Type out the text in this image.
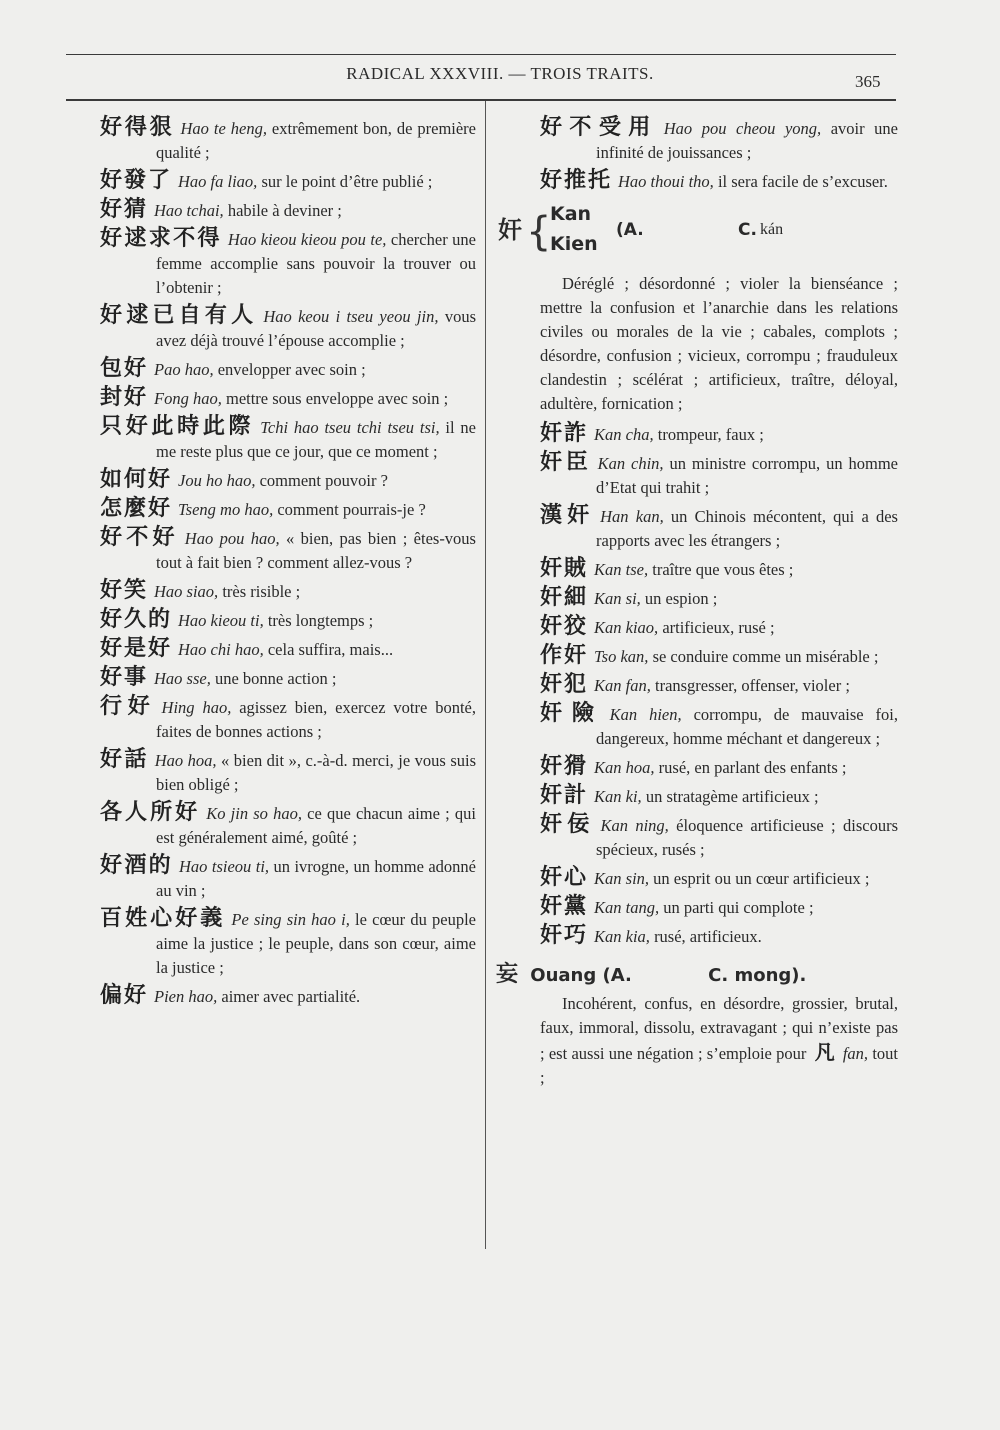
RADICAL XXXVIII. — TROIS TRAITS.	365
好得狠 Hao te heng, extrêmement bon, de première qualité ;
好發了 Hao fa liao, sur le point d’être publié ;
好猜 Hao tchai, habile à deviner ;
好逑求不得 Hao kieou kieou pou te, chercher une femme accomplie sans pouvoir la trouver ou l’obtenir ;
好逑已自有人 Hao keou i tseu yeou jin, vous avez déjà trouvé l’épouse accomplie ;
包好 Pao hao, envelopper avec soin ;
封好 Fong hao, mettre sous enveloppe avec soin ;
只好此時此際 Tchi hao tseu tchi tseu tsi, il ne me reste plus que ce jour, que ce moment ;
如何好 Jou ho hao, comment pouvoir ?
怎麼好 Tseng mo hao, comment pourrais-je ?
好不好 Hao pou hao, « bien, pas bien ; êtes-vous tout à fait bien ? comment allez-vous ?
好笑 Hao siao, très risible ;
好久的 Hao kieou ti, très longtemps ;
好是好 Hao chi hao, cela suffira, mais...
好事 Hao sse, une bonne action ;
行好 Hing hao, agissez bien, exercez votre bonté, faites de bonnes actions ;
好話 Hao hoa, « bien dit », c.-à-d. merci, je vous suis bien obligé ;
各人所好 Ko jin so hao, ce que chacun aime ; qui est généralement aimé, goûté ;
好酒的 Hao tsieou ti, un ivrogne, un homme adonné au vin ;
百姓心好義 Pe sing sin hao i, le cœur du peuple aime la justice ; le peuple, dans son cœur, aime la justice ;
偏好 Pien hao, aimer avec partialité.
好不受用 Hao pou cheou yong, avoir une infinité de jouissances ;
好推托 Hao thoui tho, il sera facile de s’excuser.
奸 {
Kan
Kien
(A.	C. kán

Déréglé ; désordonné ; violer la bienséance ; mettre la confusion et l’anarchie dans les relations civiles ou morales de la vie ; cabales, complots ; désordre, confusion ; vicieux, corrompu ; frauduleux clandestin ; scélérat ; artificieux, traître, déloyal, adultère, fornication ;

奸詐 Kan cha, trompeur, faux ;
奸臣 Kan chin, un ministre corrompu, un homme d’Etat qui trahit ;
漢奸 Han kan, un Chinois mécontent, qui a des rapports avec les étrangers ;
奸賊 Kan tse, traître que vous êtes ;
奸細 Kan si, un espion ;
奸狡 Kan kiao, artificieux, rusé ;
作奸 Tso kan, se conduire comme un misérable ;
奸犯 Kan fan, transgresser, offenser, violer ;
奸險 Kan hien, corrompu, de mauvaise foi, dangereux, homme méchant et dangereux ;
奸猾 Kan hoa, rusé, en parlant des enfants ;
奸計 Kan ki, un stratagème artificieux ;
奸佞 Kan ning, éloquence artificieuse ; discours spécieux, rusés ;
奸心 Kan sin, un esprit ou un cœur artificieux ;
奸黨 Kan tang, un parti qui complote ;
奸巧 Kan kia, rusé, artificieux.
妄 Ouang (A.	C. mong).

Incohérent, confus, en désordre, grossier, brutal, faux, immoral, dissolu, extravagant ; qui n’existe pas ; est aussi une négation ; s’emploie pour 凡 fan, tout ;
